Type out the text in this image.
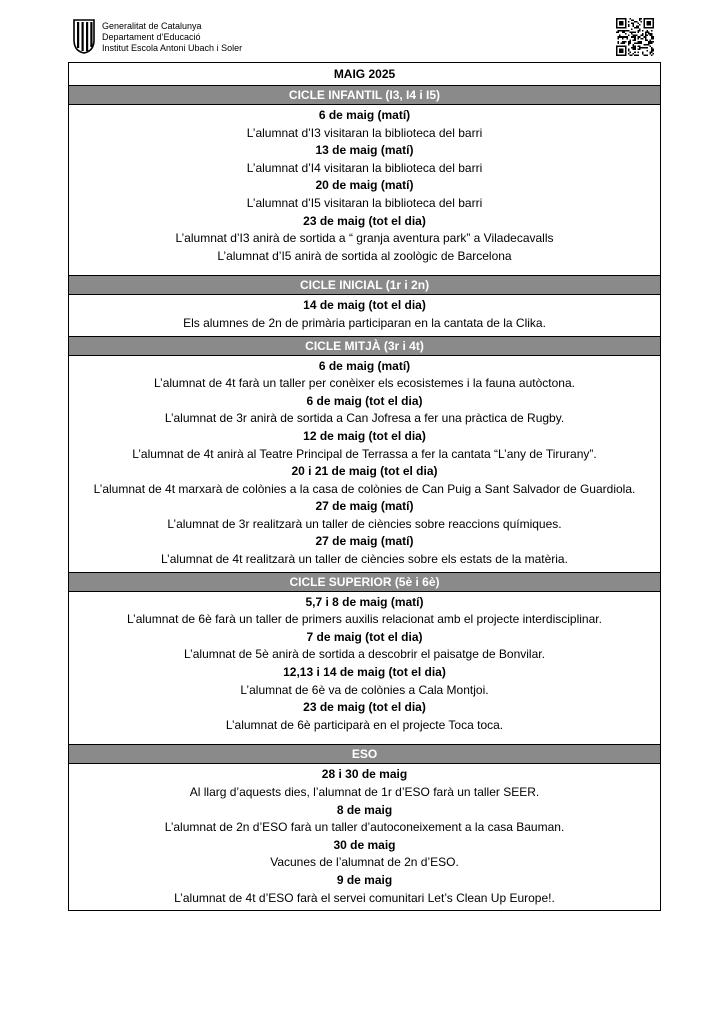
Generalitat de Catalunya
Departament d’Educació
Institut Escola Antoni Ubach i Soler
MAIG 2025
CICLE INFANTIL (I3, I4 i I5)
6 de maig (matí)
L’alumnat d’I3 visitaran la biblioteca del barri
13 de maig (matí)
L’alumnat d’I4 visitaran la biblioteca del barri
20 de maig (matí)
L’alumnat d’I5 visitaran la biblioteca del barri
23 de maig (tot el dia)
L’alumnat d’I3 anirà de sortida a “ granja aventura park” a Viladecavalls
L’alumnat d’I5 anirà de sortida al zoològic de Barcelona
CICLE INICIAL (1r i 2n)
14 de maig (tot el dia)
Els alumnes de 2n de primària participaran en la cantata de la Clika.
CICLE MITJÀ (3r i 4t)
6 de maig (matí)
L’alumnat de 4t farà un taller per conèixer els ecosistemes i la fauna autòctona.
6 de maig (tot el dia)
L’alumnat de 3r anirà de sortida a Can Jofresa a fer una pràctica de Rugby.
12 de maig (tot el dia)
L’alumnat de 4t anirà al Teatre Principal de Terrassa a fer la cantata “L’any de Tirurany”.
20 i 21 de maig (tot el dia)
L’alumnat de 4t marxarà de colònies a la casa de colònies de Can Puig a Sant Salvador de Guardiola.
27 de maig (matí)
L’alumnat de 3r realitzarà un taller de ciències sobre reaccions químiques.
27 de maig (matí)
L’alumnat de 4t realitzarà un taller de ciències sobre els estats de la matèria.
CICLE SUPERIOR (5è i 6è)
5,7 i 8 de maig (matí)
L’alumnat de 6è farà un taller de primers auxilis relacionat amb el projecte interdisciplinar.
7 de maig (tot el dia)
L’alumnat de 5è anirà de sortida a descobrir el paisatge de Bonvilar.
12,13 i 14 de maig (tot el dia)
L’alumnat de 6è va de colònies a Cala Montjoi.
23 de maig (tot el dia)
L’alumnat de 6è participarà en el projecte Toca toca.
ESO
28 i 30 de maig
Al llarg d’aquests dies, l’alumnat de 1r d’ESO farà un taller SEER.
8 de maig
L’alumnat de 2n d’ESO farà un taller d’autoconeixement a la casa Bauman.
30 de maig
Vacunes de l’alumnat de 2n d’ESO.
9 de maig
L’alumnat de 4t d’ESO farà el servei comunitari Let’s Clean Up Europe!.
